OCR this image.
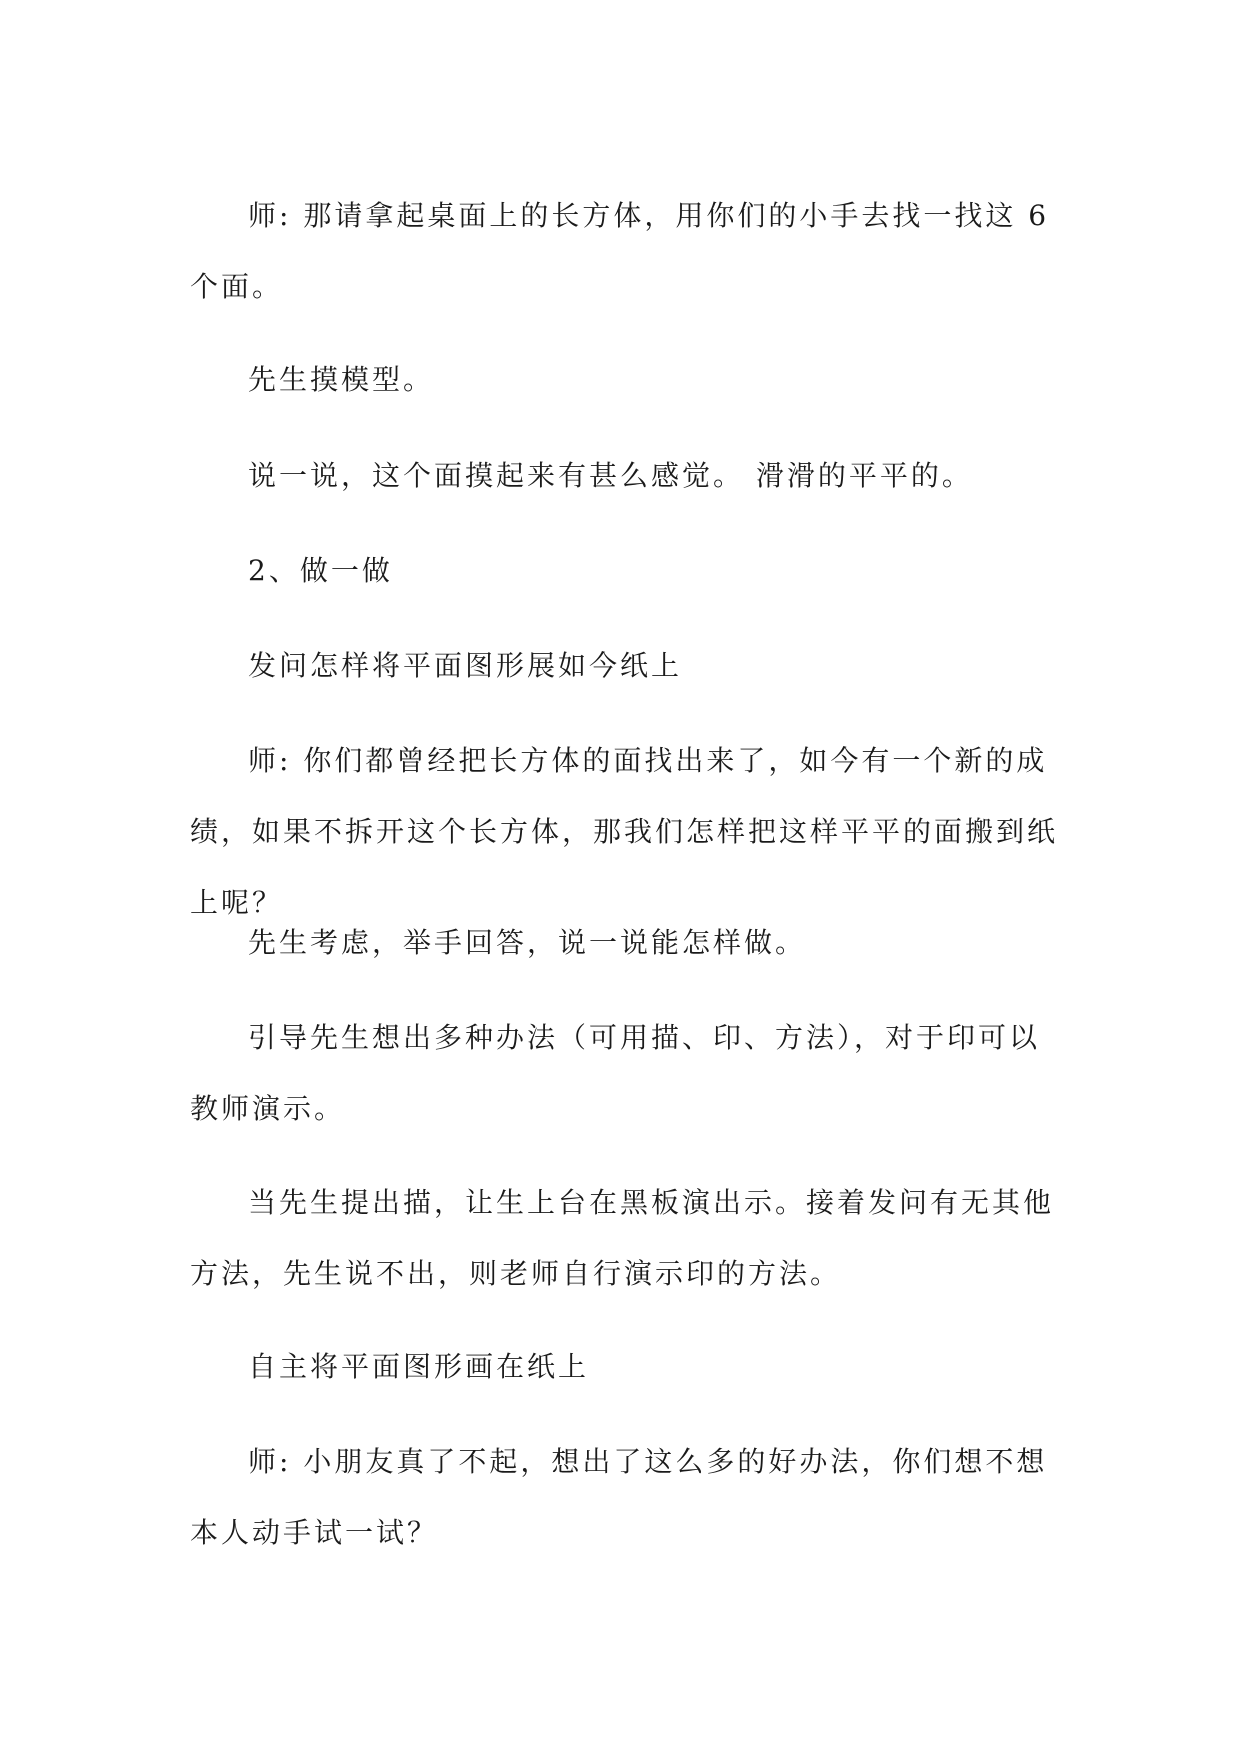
师: 那请拿起桌面上的长方体，用你们的小手去找一找这 6 个面。

先生摸模型。

说一说，这个面摸起来有甚么感觉。 滑滑的平平的。

2、做一做

发问怎样将平面图形展如今纸上

师: 你们都曾经把长方体的面找出来了，如今有一个新的成绩，如果不拆开这个长方体，那我们怎样把这样平平的面搬到纸上呢？

先生考虑，举手回答，说一说能怎样做。

引导先生想出多种办法（可用描、印、方法），对于印可以教师演示。

当先生提出描，让生上台在黑板演出示。接着发问有无其他方法，先生说不出，则老师自行演示印的方法。

自主将平面图形画在纸上

师: 小朋友真了不起，想出了这么多的好办法，你们想不想本人动手试一试？
